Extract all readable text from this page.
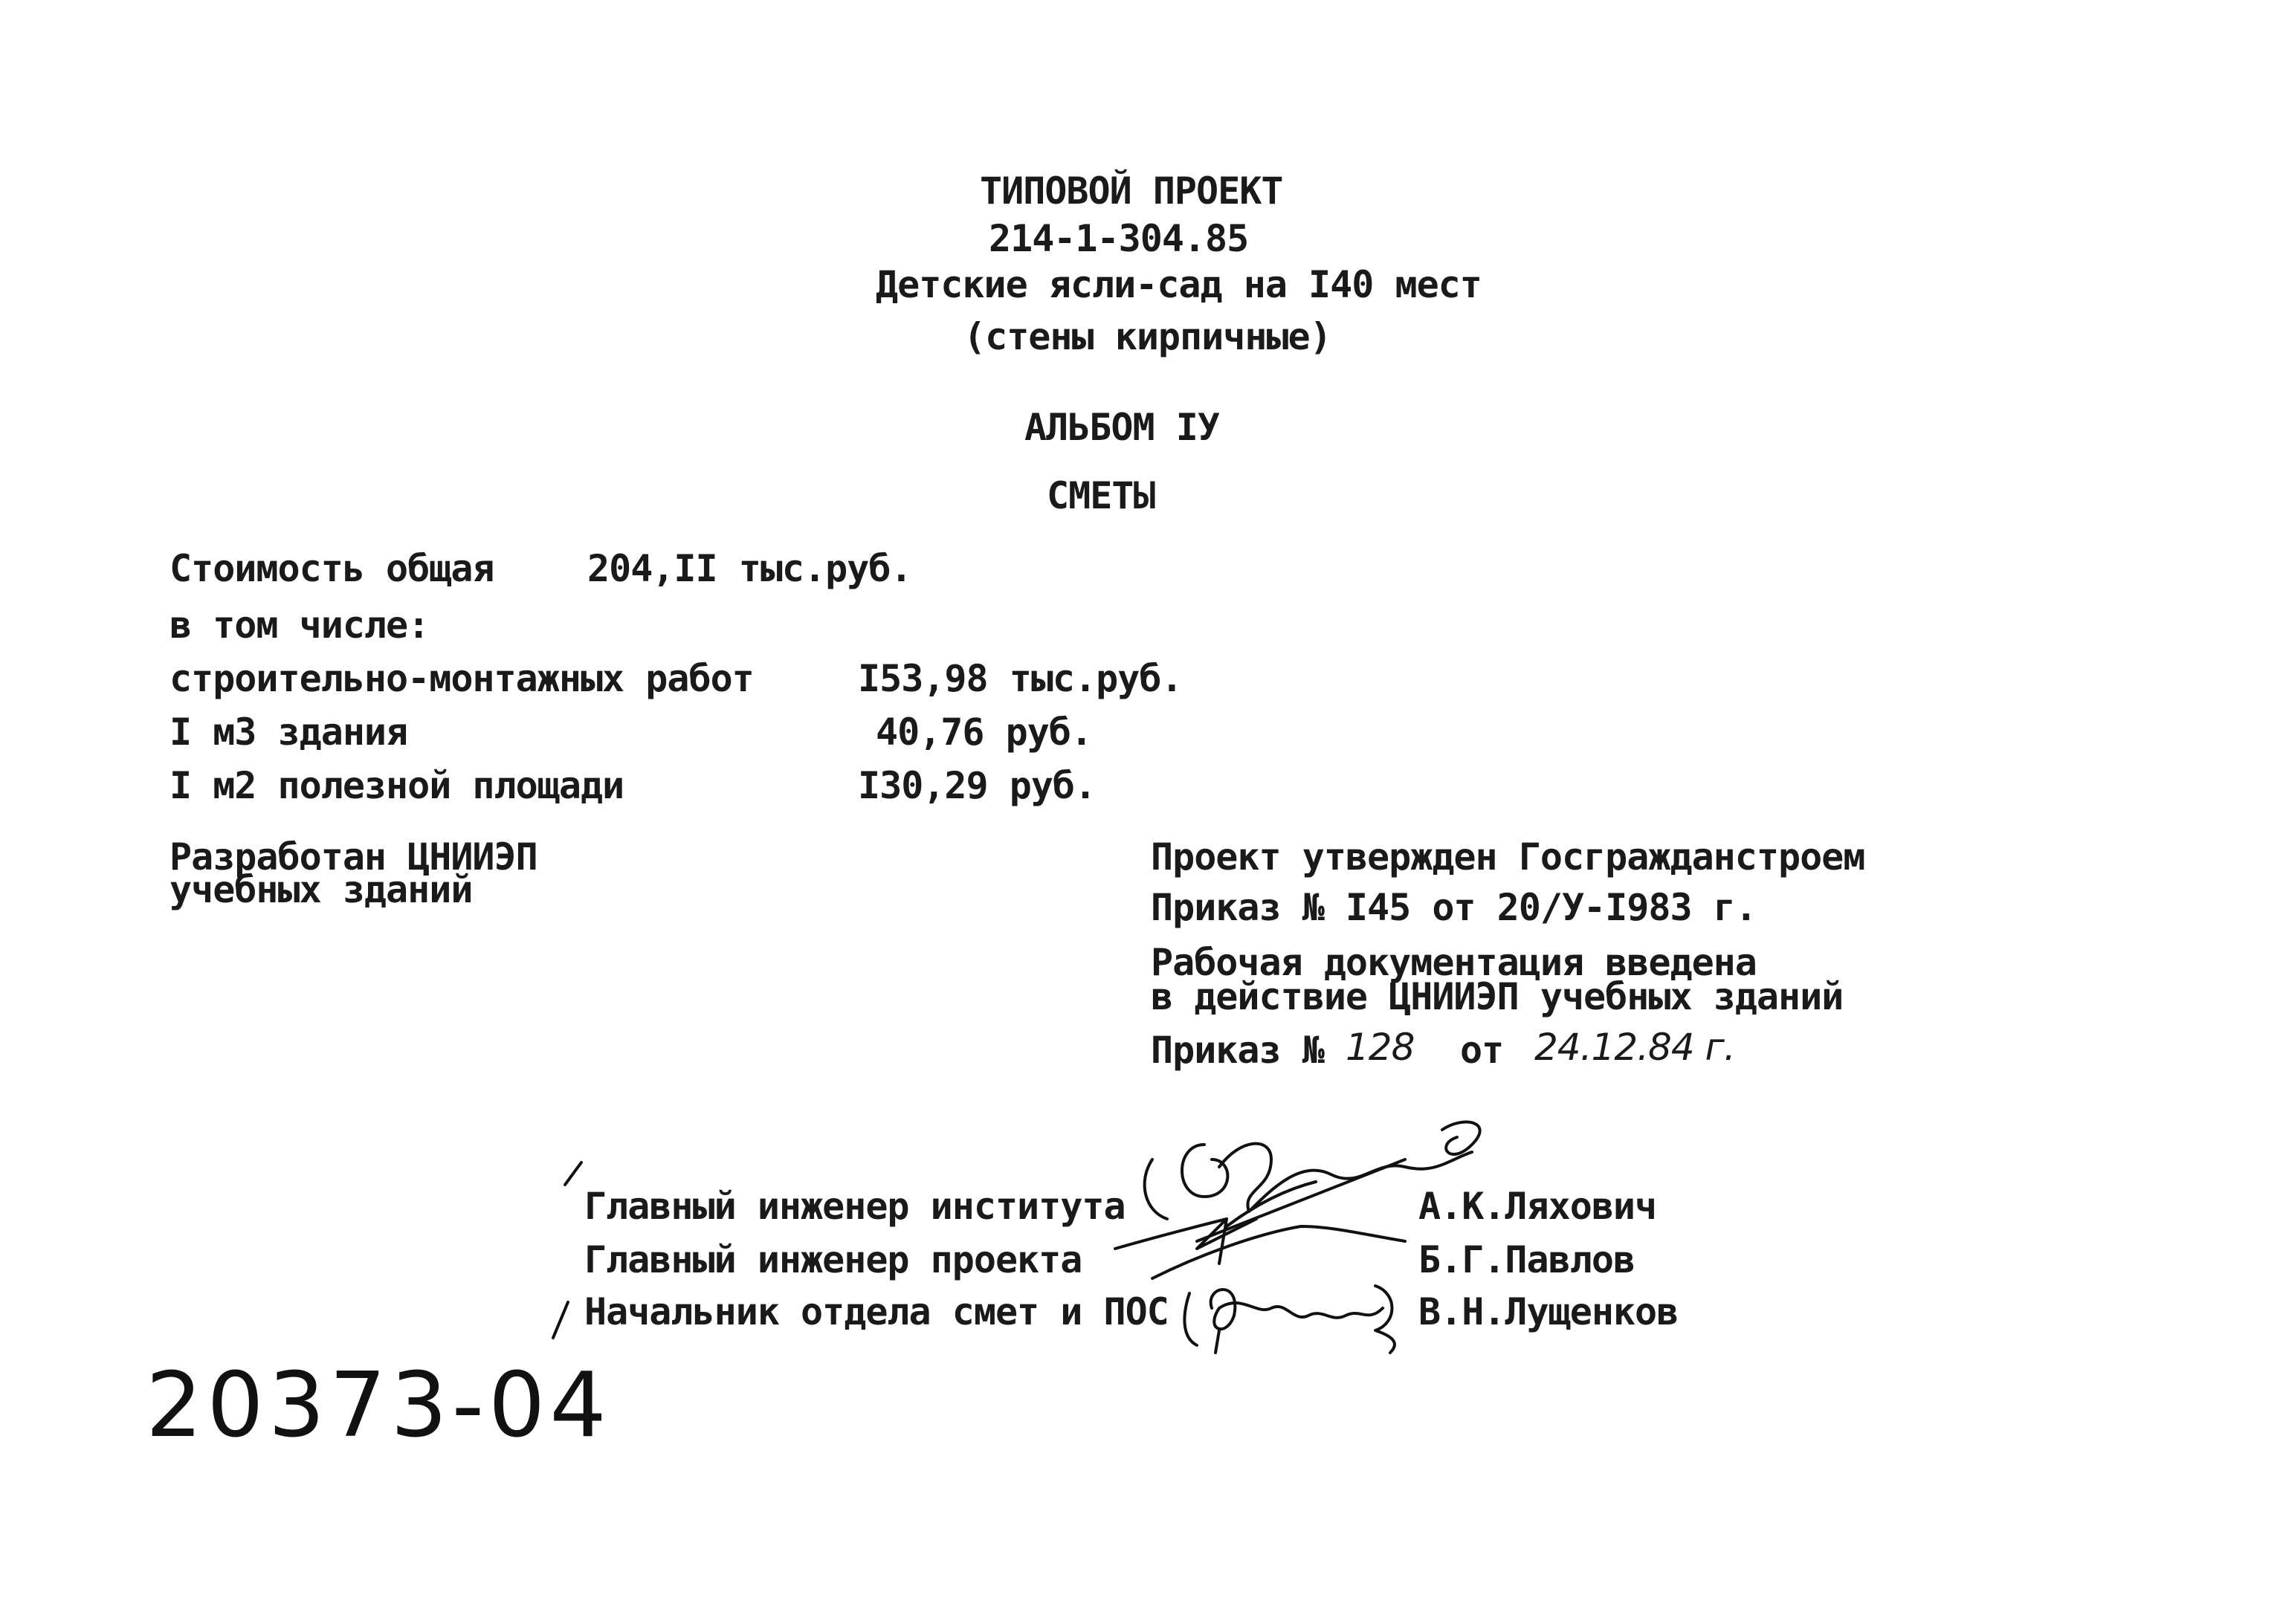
ТИПОВОЙ ПРОЕКТ
214-1-304.85
Детские ясли-сад на I40 мест
(стены кирпичные)
АЛЬБОМ IУ
СМЕТЫ
Стоимость общая	204,II тыс.руб.
в том числе:
строительно-монтажных работ	I53,98 тыс.руб.
I м3 здания	40,76 руб.
I м2 полезной площади	I30,29 руб.
Разработан ЦНИИЭП
учебных зданий
Проект утвержден Госгражданстроем
Приказ № I45 от 20/У-I983 г.
Рабочая документация введена
в действие ЦНИИЭП учебных зданий
Приказ № 128 от 24.12.84 г.
Главный инженер института	А.К.Ляхович
Главный инженер проекта	Б.Г.Павлов
Начальник отдела смет и ПОС	В.Н.Лущенков
20373-04
